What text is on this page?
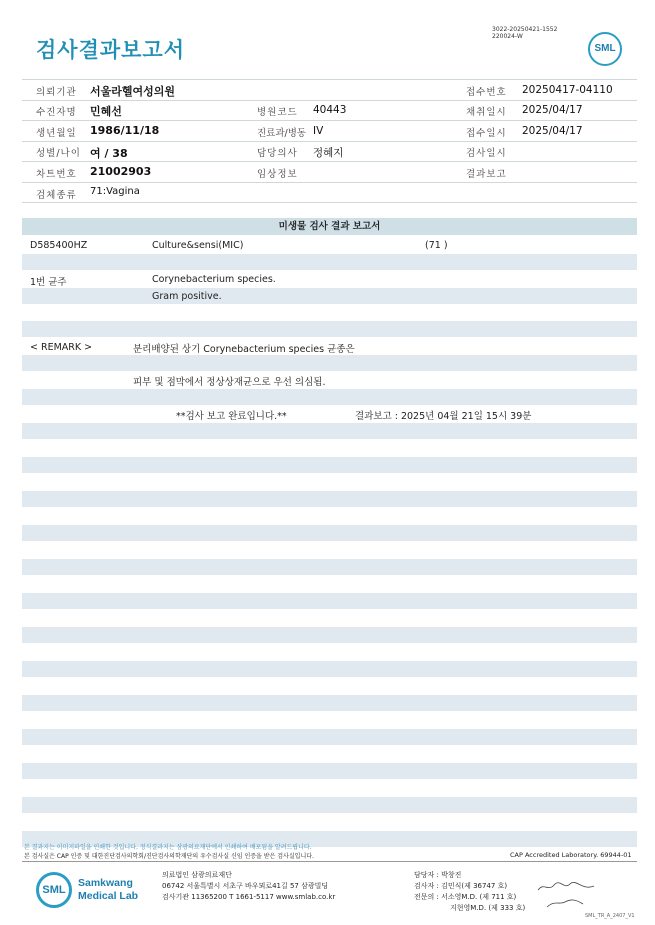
검사결과보고서
3022-20250421-1552
220024-W
SML
의뢰기관 서울라헬여성의원	접수번호 20250417-04110
수진자명 민혜선	병원코드 40443	채취일시 2025/04/17
생년월일 1986/11/18	진료과/병동 IV	접수일시 2025/04/17
성별/나이 여 / 38	담당의사 정혜지	검사일시
차트번호 21002903	임상정보	결과보고
검체종류 71:Vagina
미생물 검사 결과 보고서
D585400HZ	Culture&sensi(MIC)	(71 )
1번 균주	Corynebacterium species.
Gram positive.
< REMARK >	분리배양된 상기 Corynebacterium species 균종은
피부 및 점막에서 정상상재균으로 우선 의심됨.
**검사 보고 완료입니다.**	결과보고 : 2025년 04월 21일 15시 39분
본 결과지는 이미지파일을 인쇄한 것입니다. 정식결과지는 삼광의료재단에서 인쇄하여 배포됨을 알려드립니다.
본 검사실은 CAP 인증 및 대한진단검사의학회/진단검사의학재단의 우수검사실 신임 인증을 받은 검사실입니다.	CAP Accredited Laboratory. 69944-01
SML
Samkwang
Medical Lab
의료법인 삼광의료재단
06742 서울특별시 서초구 바우뫼로41길 57 삼광빌딩
검사기관 11365200 T 1661-5117 www.smlab.co.kr
담당자 : 박창진
검사자 : 김민식(제 36747 호)
전문의 : 서소영M.D. (제 711 호)
지현영M.D. (제 333 호)
SML_TR_A_2407_V1
